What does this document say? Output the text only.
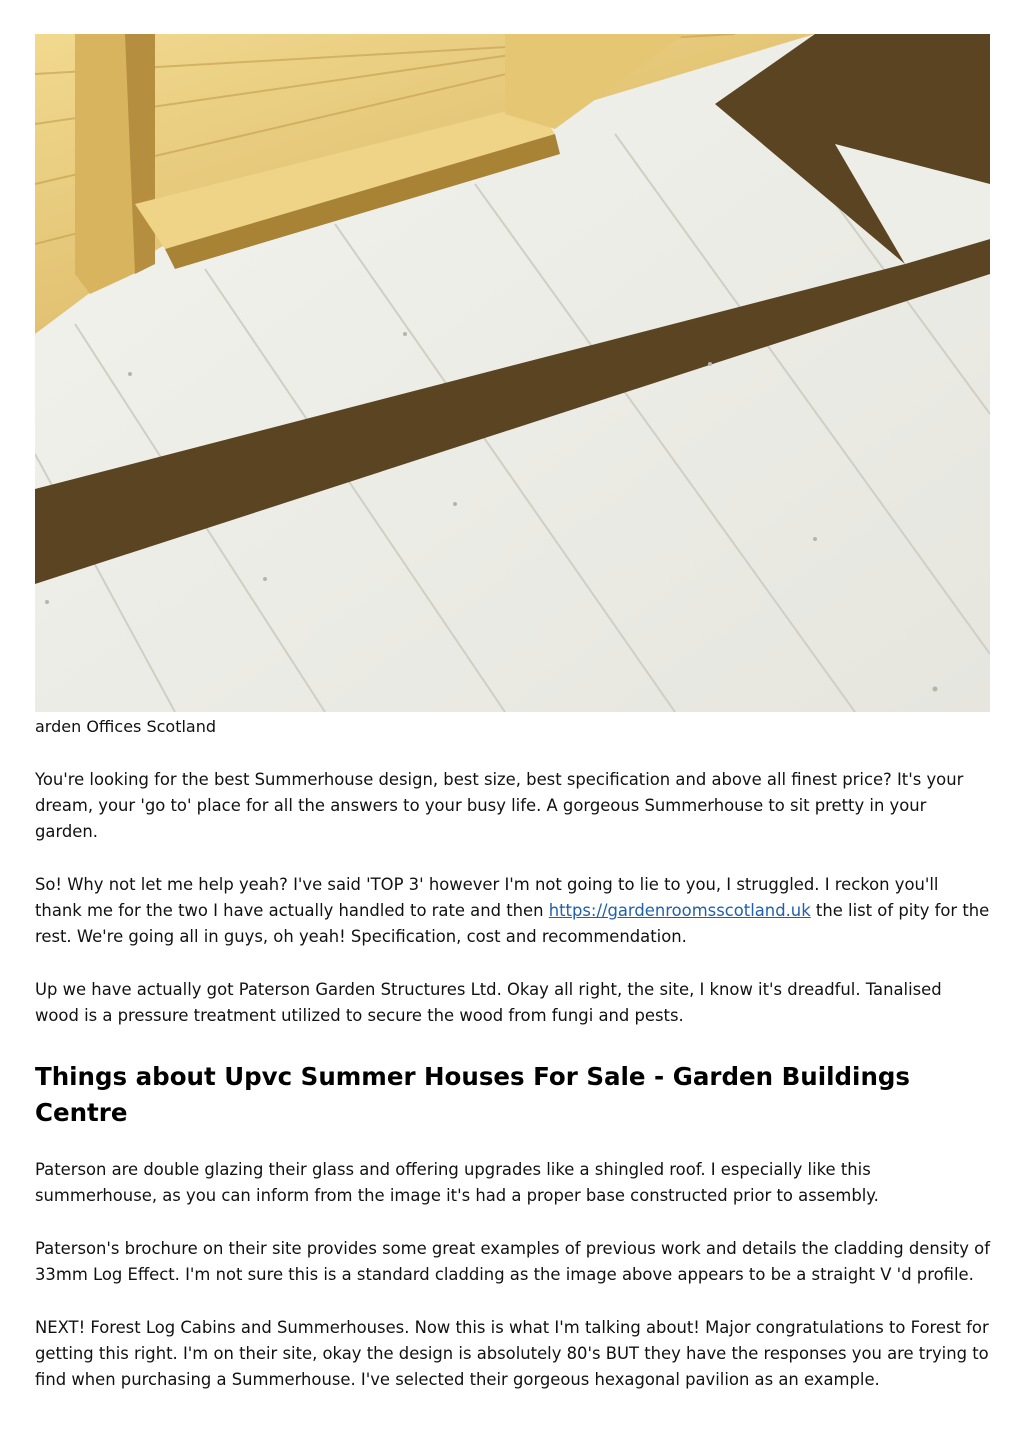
arden Offices Scotland

You're looking for the best Summerhouse design, best size, best specification and above all finest price? It's your dream, your 'go to' place for all the answers to your busy life. A gorgeous Summerhouse to sit pretty in your garden.

So! Why not let me help yeah? I've said 'TOP 3' however I'm not going to lie to you, I struggled. I reckon you'll thank me for the two I have actually handled to rate and then https://gardenroomsscotland.uk the list of pity for the rest. We're going all in guys, oh yeah! Specification, cost and recommendation.

Up we have actually got Paterson Garden Structures Ltd. Okay all right, the site, I know it's dreadful. Tanalised wood is a pressure treatment utilized to secure the wood from fungi and pests.

Things about Upvc Summer Houses For Sale - Garden Buildings Centre

Paterson are double glazing their glass and offering upgrades like a shingled roof. I especially like this summerhouse, as you can inform from the image it's had a proper base constructed prior to assembly.

Paterson's brochure on their site provides some great examples of previous work and details the cladding density of 33mm Log Effect. I'm not sure this is a standard cladding as the image above appears to be a straight V 'd profile.

NEXT! Forest Log Cabins and Summerhouses. Now this is what I'm talking about! Major congratulations to Forest for getting this right. I'm on their site, okay the design is absolutely 80's BUT they have the responses you are trying to find when purchasing a Summerhouse. I've selected their gorgeous hexagonal pavilion as an example.
